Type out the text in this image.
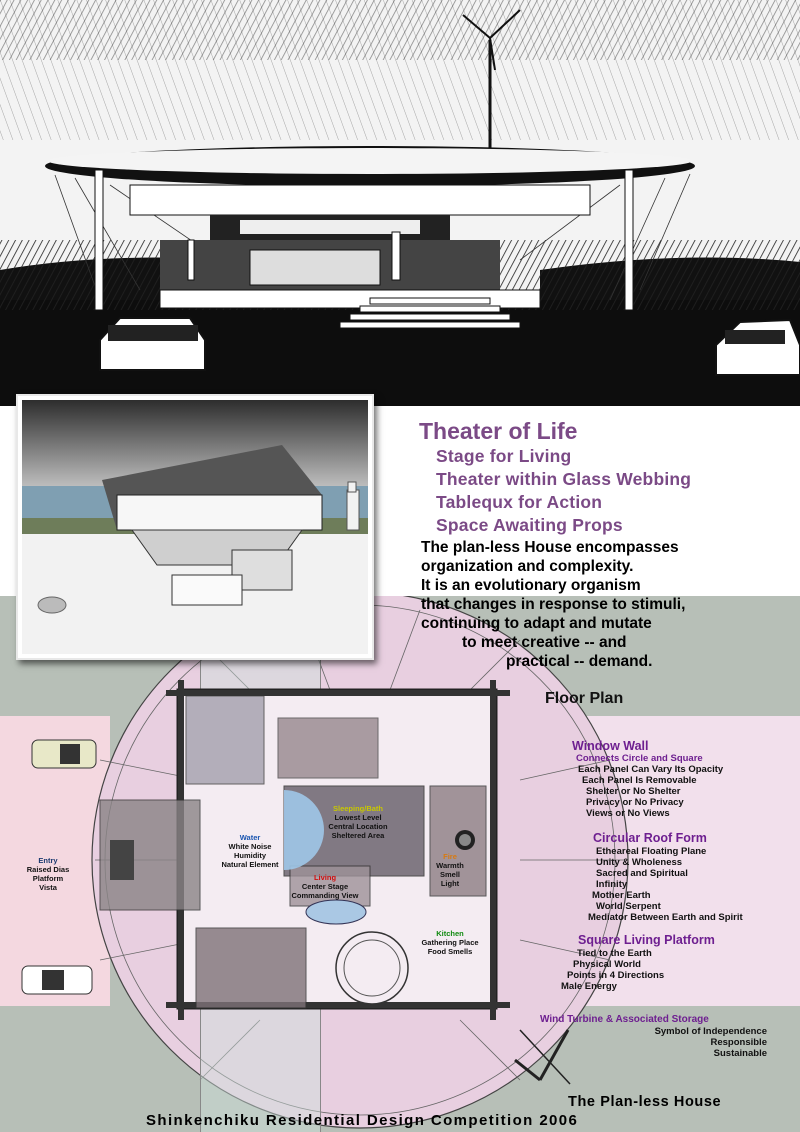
Theater of Life
Stage for Living
Theater within Glass Webbing
Tablequx for Action
Space Awaiting Props
The plan-less House encompasses
organization and complexity.
It is an evolutionary organism
that changes in response to stimuli,
continuing to adapt and mutate
to meet creative -- and
practical -- demand.
Floor Plan
Entry
Raised Dias
Platform
Vista
Water
White Noise
Humidity
Natural Element
Sleeping/Bath
Lowest Level
Central Location
Sheltered Area
Fire
Warmth
Smell
Light
Living
Center Stage
Commanding View
Kitchen
Gathering Place
Food Smells
Window Wall
Connects Circle and Square
Each Panel Can Vary Its Opacity
Each Panel Is Removable
Shelter or No Shelter
Privacy or No Privacy
Views or No Views
Circular Roof Form
Etheareal Floating Plane
Unity & Wholeness
Sacred and Spiritual
Infinity
Mother Earth
World Serpent
Mediator Between Earth and Spirit
Square Living Platform
Tied to the Earth
Physical World
Points in 4 Directions
Male Energy
Wind Turbine & Associated Storage
Symbol of Independence
Responsible
Sustainable
The Plan-less House
Shinkenchiku Residential Design Competition 2006
